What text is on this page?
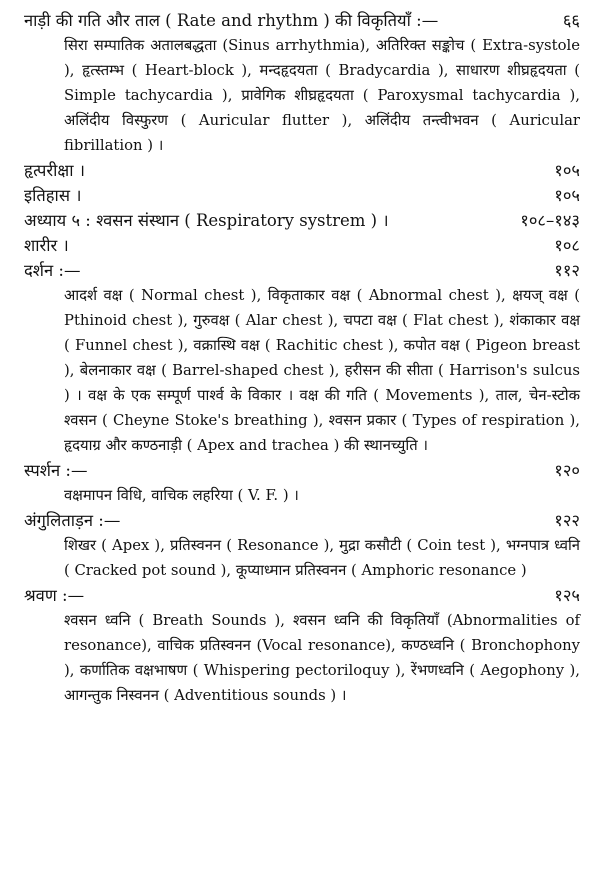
नाड़ी की गति और ताल ( Rate and rhythm ) की विकृतियाँ :—	६६
सिरा सम्पातिक अतालबद्धता (Sinus arrhythmia), अतिरिक्त सङ्कोच ( Extra-systole ), हृत्स्तम्भ ( Heart-block ), मन्दहृदयता ( Bradycardia ), साधारण शीघ्रहृदयता ( Simple tachycardia ), प्रावेगिक शीघ्रहृदयता ( Paroxysmal tachycardia ), अलिंदीय विस्फुरण ( Auricular flutter ), अलिंदीय तन्त्वीभवन ( Auricular fibrillation ) ।
हृत्परीक्षा ।	१०५
इतिहास ।	१०५
अध्याय ५ : श्वसन संस्थान ( Respiratory systrem ) ।	१०८–१४३
शारीर ।	१०८
दर्शन :—	११२
आदर्श वक्ष ( Normal chest ), विकृताकार वक्ष ( Abnormal chest ), क्षयज् वक्ष ( Pthinoid chest ), गुरुवक्ष ( Alar chest ), चपटा वक्ष ( Flat chest ), शंकाकार वक्ष ( Funnel chest ), वक्रास्थि वक्ष ( Rachitic chest ), कपोत वक्ष ( Pigeon breast ), बेलनाकार वक्ष ( Barrel-shaped chest ), हरीसन की सीता ( Harrison's sulcus ) । वक्ष के एक सम्पूर्ण पार्श्व के विकार । वक्ष की गति ( Movements ), ताल, चेन-स्टोक श्वसन ( Cheyne Stoke's breathing ), श्वसन प्रकार ( Types of respiration ), हृदयाग्र और कण्ठनाड़ी ( Apex and trachea ) की स्थानच्युति ।
स्पर्शन :—	१२०
वक्षमापन विधि, वाचिक लहरिया ( V. F. ) ।
अंगुलिताड़न :—	१२२
शिखर ( Apex ), प्रतिस्वनन ( Resonance ), मुद्रा कसौटी ( Coin test ), भग्नपात्र ध्वनि ( Cracked pot sound ), कूप्याध्मान प्रतिस्वनन ( Amphoric resonance )
श्रवण :—	१२५
श्वसन ध्वनि ( Breath Sounds ), श्वसन ध्वनि की विकृतियाँ (Abnormalities of resonance), वाचिक प्रतिस्वनन (Vocal resonance), कण्ठध्वनि ( Bronchophony ), कर्णातिक वक्षभाषण ( Whispering pectoriloquy ), रेंभणध्वनि ( Aegophony ), आगन्तुक निस्वनन ( Adventitious sounds ) ।
